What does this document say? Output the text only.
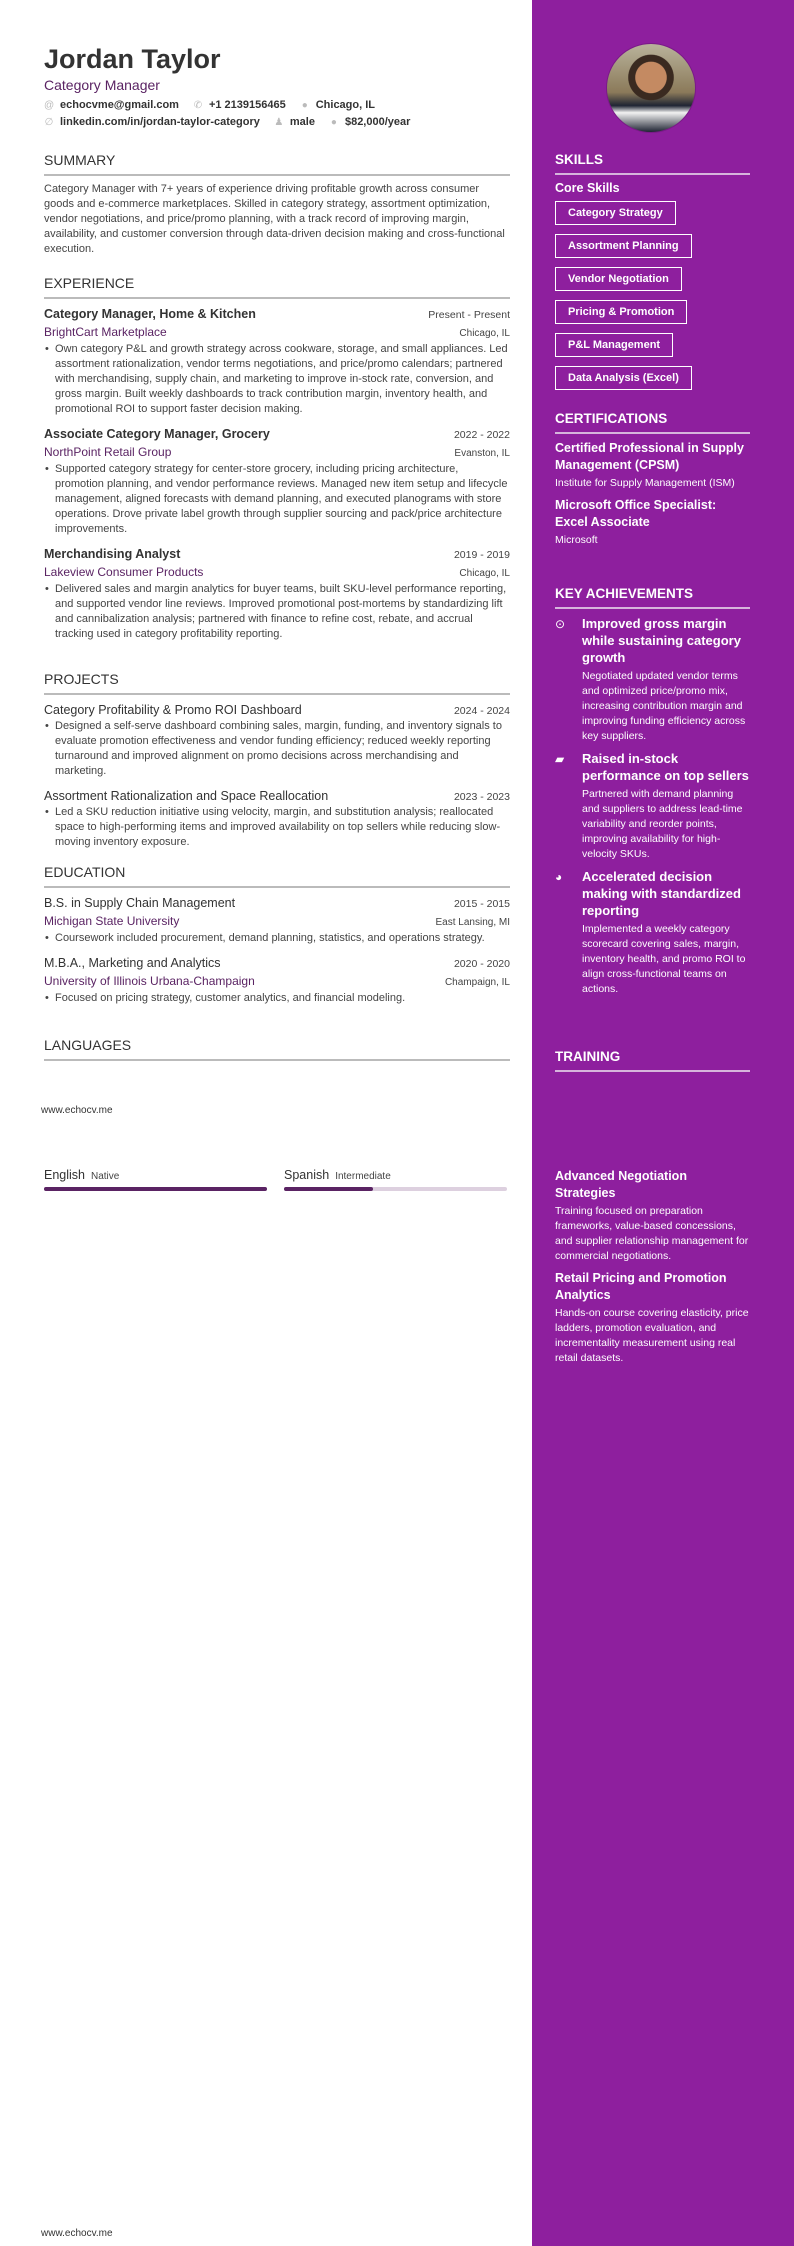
Jordan Taylor
Category Manager
@ echocvme@gmail.com ✆ +1 2139156465 ● Chicago, IL
∅ linkedin.com/in/jordan-taylor-category ♟ male ● $82,000/year
SUMMARY

Category Manager with 7+ years of experience driving profitable growth across consumer goods and e-commerce marketplaces. Skilled in category strategy, assortment optimization, vendor negotiations, and price/promo planning, with a track record of improving margin, availability, and customer conversion through data-driven decision making and cross-functional execution.

EXPERIENCE
Category Manager, Home & Kitchen	Present - Present
BrightCart Marketplace	Chicago, IL
• Own category P&L and growth strategy across cookware, storage, and small appliances. Led assortment rationalization, vendor terms negotiations, and price/promo calendars; partnered with merchandising, supply chain, and marketing to improve in-stock rate, conversion, and gross margin. Built weekly dashboards to track contribution margin, inventory health, and promotional ROI to support faster decision making.
Associate Category Manager, Grocery	2022 - 2022
NorthPoint Retail Group	Evanston, IL
• Supported category strategy for center-store grocery, including pricing architecture, promotion planning, and vendor performance reviews. Managed new item setup and lifecycle management, aligned forecasts with demand planning, and executed planograms with store operations. Drove private label growth through supplier sourcing and pack/price architecture improvements.
Merchandising Analyst	2019 - 2019
Lakeview Consumer Products	Chicago, IL
• Delivered sales and margin analytics for buyer teams, built SKU-level performance reporting, and supported vendor line reviews. Improved promotional post-mortems by standardizing lift and cannibalization analysis; partnered with finance to refine cost, rebate, and accrual tracking used in category profitability reporting.
PROJECTS
Category Profitability & Promo ROI Dashboard	2024 - 2024
• Designed a self-serve dashboard combining sales, margin, funding, and inventory signals to evaluate promotion effectiveness and vendor funding efficiency; reduced weekly reporting turnaround and improved alignment on promo decisions across merchandising and marketing.
Assortment Rationalization and Space Reallocation	2023 - 2023
• Led a SKU reduction initiative using velocity, margin, and substitution analysis; reallocated space to high-performing items and improved availability on top sellers while reducing slow-moving inventory exposure.
EDUCATION
B.S. in Supply Chain Management	2015 - 2015
Michigan State University	East Lansing, MI
• Coursework included procurement, demand planning, statistics, and operations strategy.
M.B.A., Marketing and Analytics	2020 - 2020
University of Illinois Urbana-Champaign	Champaign, IL
• Focused on pricing strategy, customer analytics, and financial modeling.
LANGUAGES
www.echocv.me
English Native	Spanish Intermediate
www.echocv.me
SKILLS
Core Skills
Category Strategy
Assortment Planning
Vendor Negotiation
Pricing & Promotion
P&L Management
Data Analysis (Excel)
CERTIFICATIONS
Certified Professional in Supply Management (CPSM)
Institute for Supply Management (ISM)
Microsoft Office Specialist: Excel Associate
Microsoft
KEY ACHIEVEMENTS
⊙	Improved gross margin while sustaining category growth
Negotiated updated vendor terms and optimized price/promo mix, increasing contribution margin and improving funding efficiency across key suppliers.
▰	Raised in-stock performance on top sellers
Partnered with demand planning and suppliers to address lead-time variability and reorder points, improving availability for high-velocity SKUs.
◕	Accelerated decision making with standardized reporting
Implemented a weekly category scorecard covering sales, margin, inventory health, and promo ROI to align cross-functional teams on actions.
TRAINING
Advanced Negotiation Strategies
Training focused on preparation frameworks, value-based concessions, and supplier relationship management for commercial negotiations.
Retail Pricing and Promotion Analytics
Hands-on course covering elasticity, price ladders, promotion evaluation, and incrementality measurement using real retail datasets.
